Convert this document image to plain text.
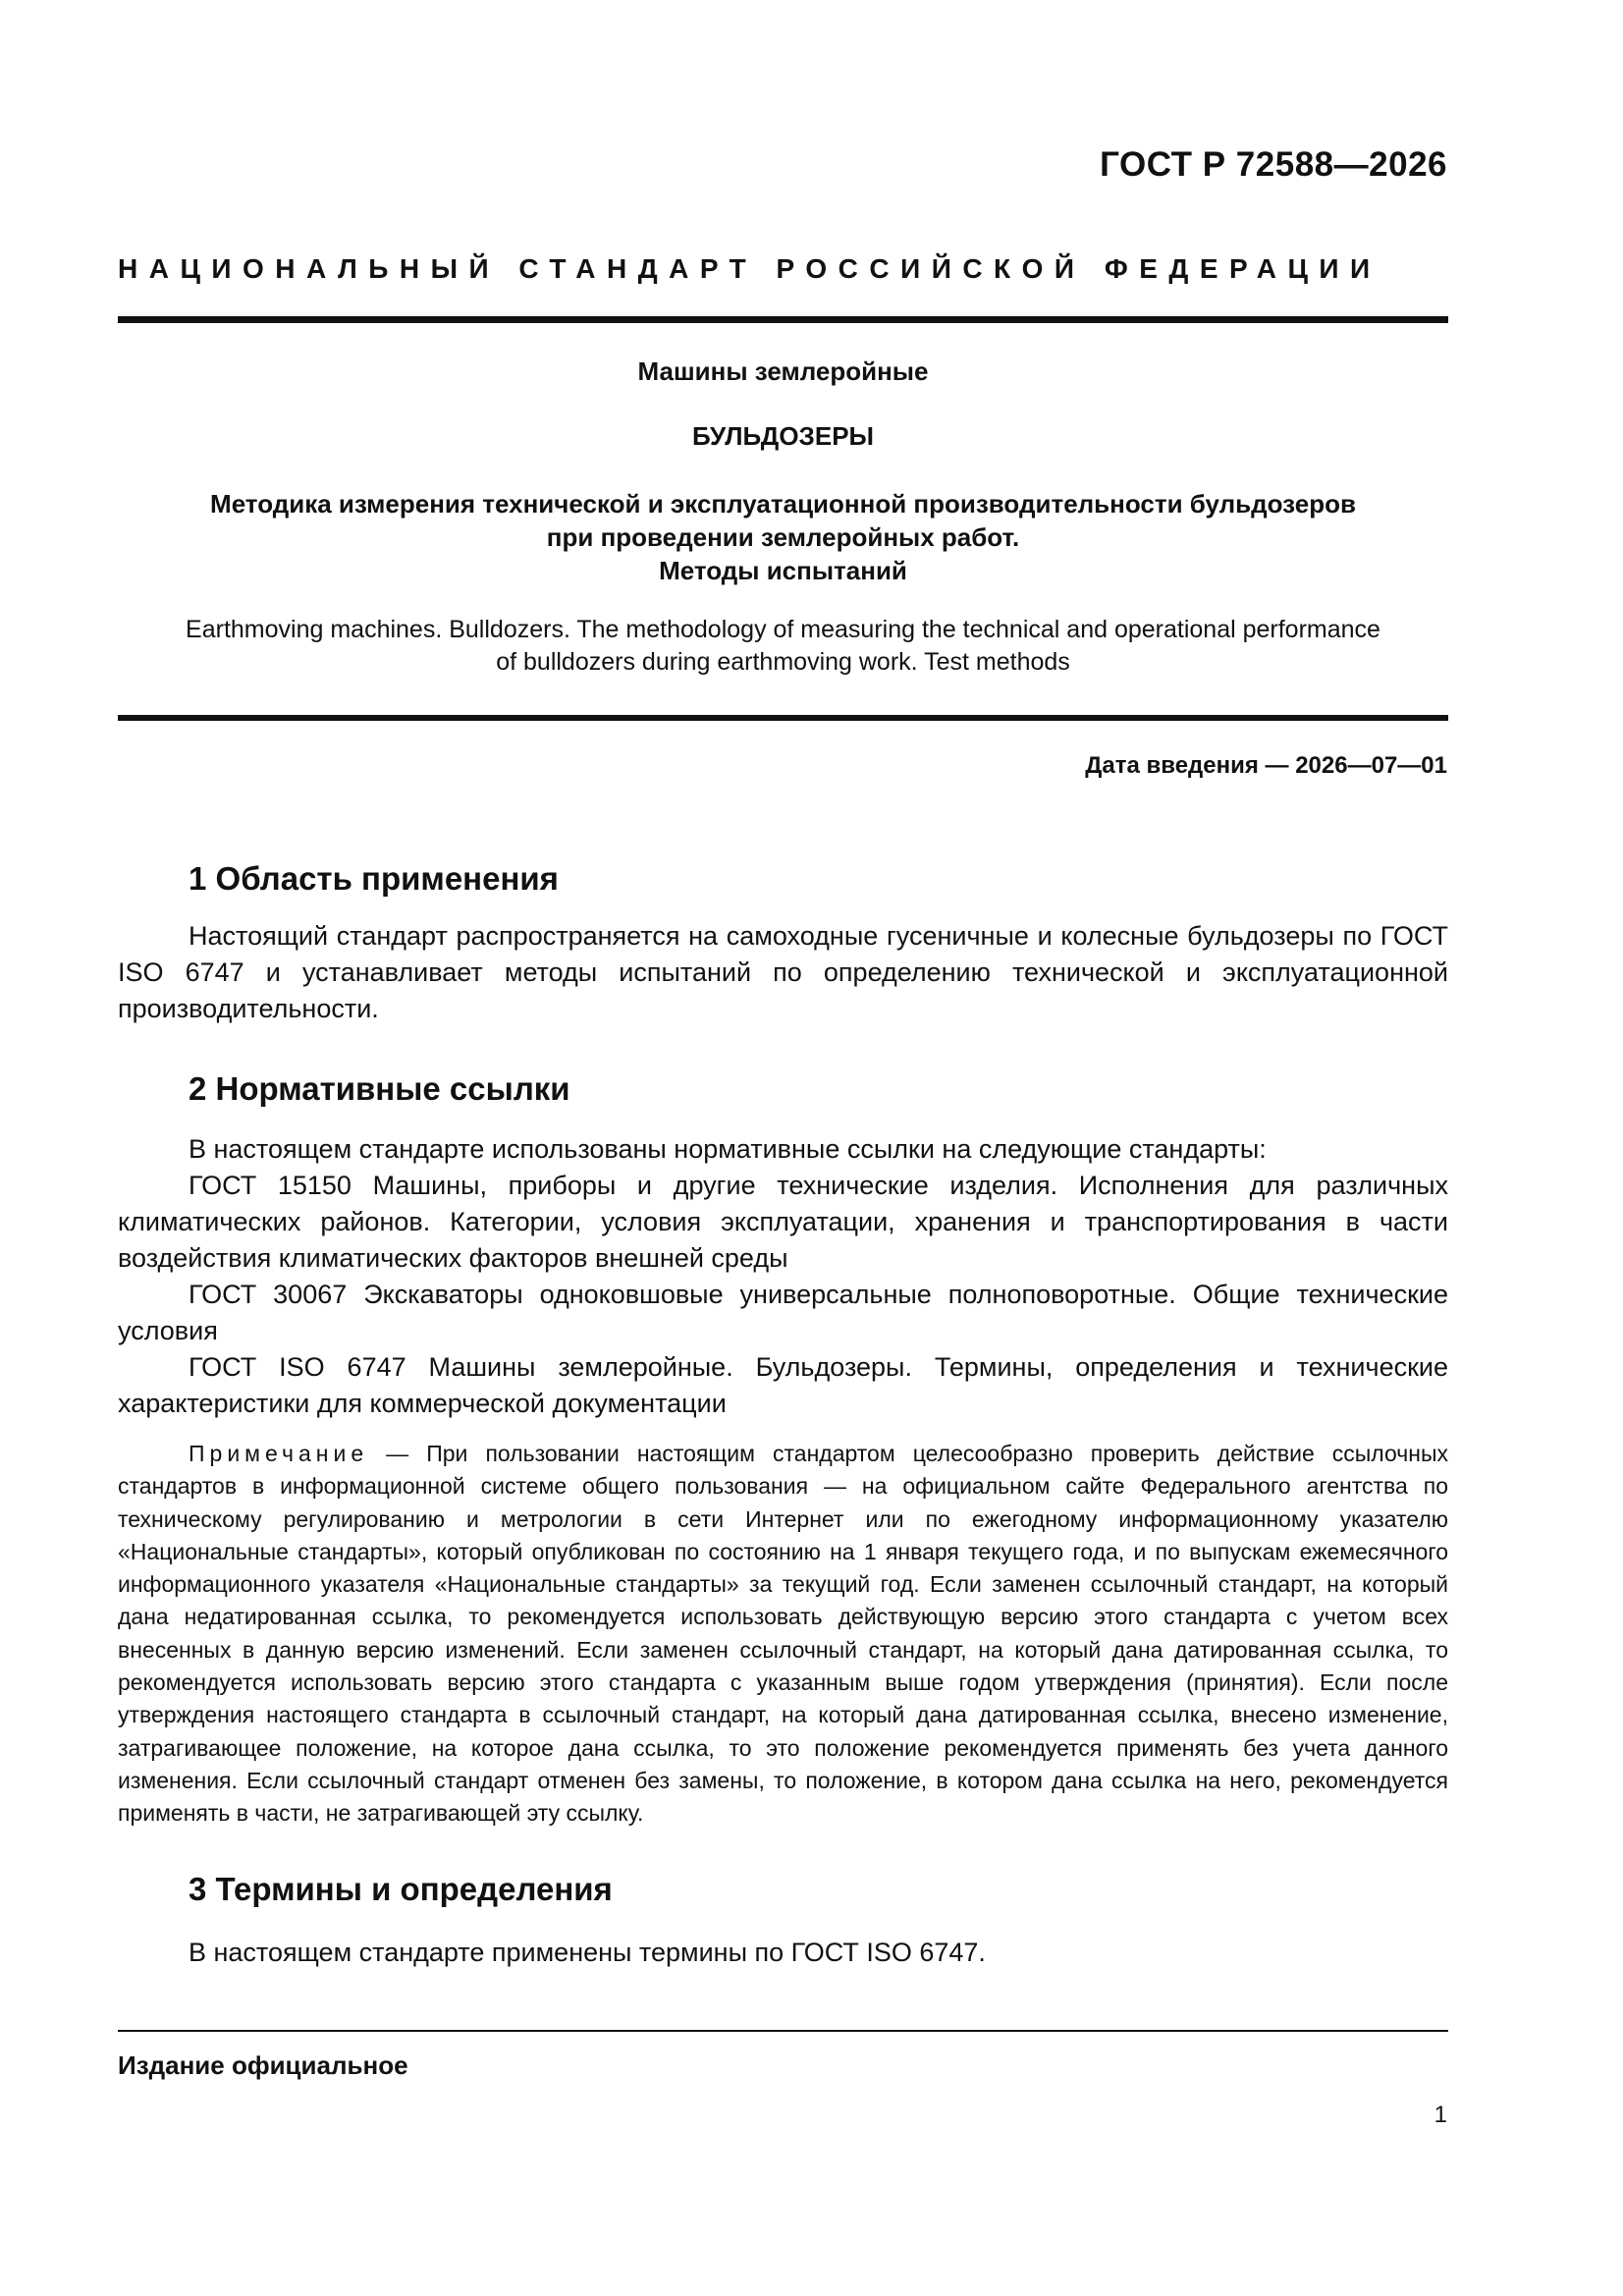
ГОСТ Р 72588—2026
НАЦИОНАЛЬНЫЙ СТАНДАРТ РОССИЙСКОЙ ФЕДЕРАЦИИ
Машины землеройные
БУЛЬДОЗЕРЫ
Методика измерения технической и эксплуатационной производительности бульдозеров
при проведении землеройных работ.
Методы испытаний
Earthmoving machines. Bulldozers. The methodology of measuring the technical and operational performance
of bulldozers during earthmoving work. Test methods
Дата введения — 2026—07—01
1 Область применения

Настоящий стандарт распространяется на самоходные гусеничные и колесные бульдозеры по ГОСТ ISO 6747 и устанавливает методы испытаний по определению технической и эксплуатационной производительности.

2 Нормативные ссылки

В настоящем стандарте использованы нормативные ссылки на следующие стандарты:

ГОСТ 15150 Машины, приборы и другие технические изделия. Исполнения для различных климатических районов. Категории, условия эксплуатации, хранения и транспортирования в части воздействия климатических факторов внешней среды

ГОСТ 30067 Экскаваторы одноковшовые универсальные полноповоротные. Общие технические условия

ГОСТ ISO 6747 Машины землеройные. Бульдозеры. Термины, определения и технические характеристики для коммерческой документации

Примечание — При пользовании настоящим стандартом целесообразно проверить действие ссылочных стандартов в информационной системе общего пользования — на официальном сайте Федерального агентства по техническому регулированию и метрологии в сети Интернет или по ежегодному информационному указателю «Национальные стандарты», который опубликован по состоянию на 1 января текущего года, и по выпускам ежемесячного информационного указателя «Национальные стандарты» за текущий год. Если заменен ссылочный стандарт, на который дана недатированная ссылка, то рекомендуется использовать действующую версию этого стандарта с учетом всех внесенных в данную версию изменений. Если заменен ссылочный стандарт, на который дана датированная ссылка, то рекомендуется использовать версию этого стандарта с указанным выше годом утверждения (принятия). Если после утверждения настоящего стандарта в ссылочный стандарт, на который дана датированная ссылка, внесено изменение, затрагивающее положение, на которое дана ссылка, то это положение рекомендуется применять без учета данного изменения. Если ссылочный стандарт отменен без замены, то положение, в котором дана ссылка на него, рекомендуется применять в части, не затрагивающей эту ссылку.

3 Термины и определения

В настоящем стандарте применены термины по ГОСТ ISO 6747.

Издание официальное
1
